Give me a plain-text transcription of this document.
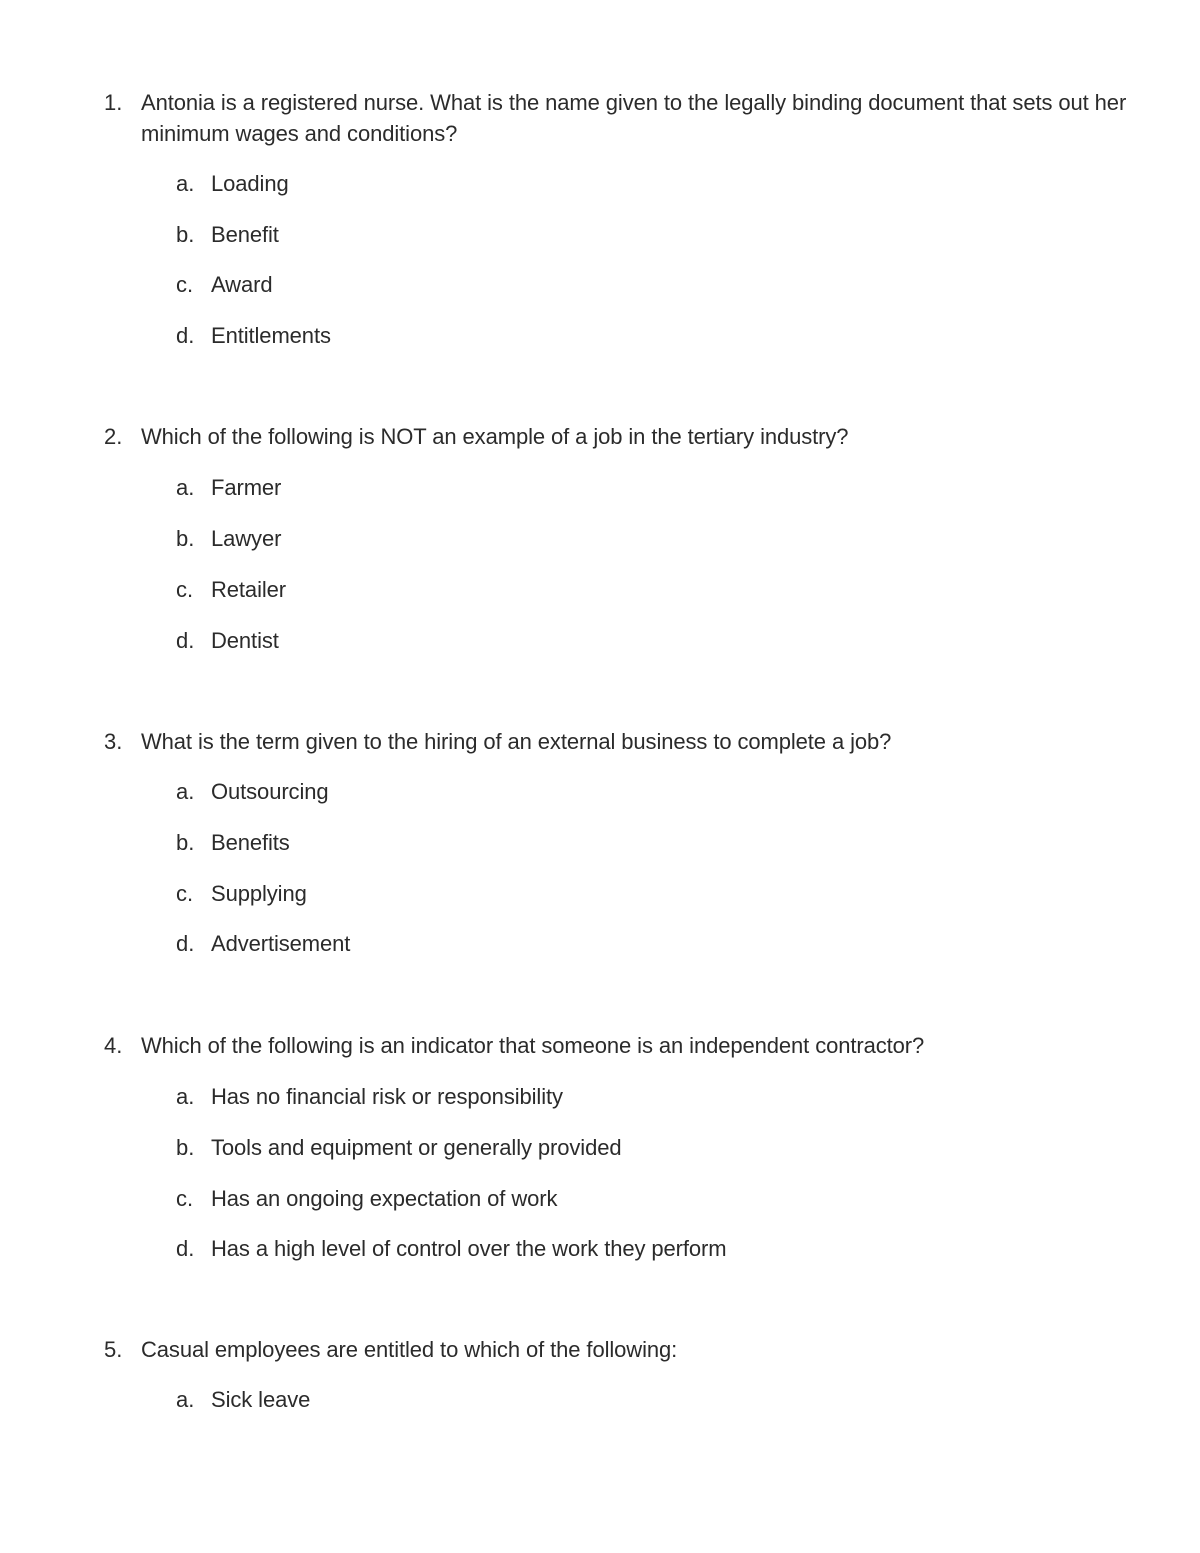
1. Antonia is a registered nurse. What is the name given to the legally binding document that sets out her minimum wages and conditions?
a. Loading
b. Benefit
c. Award
d. Entitlements
2. Which of the following is NOT an example of a job in the tertiary industry?
a. Farmer
b. Lawyer
c. Retailer
d. Dentist
3. What is the term given to the hiring of an external business to complete a job?
a. Outsourcing
b. Benefits
c. Supplying
d. Advertisement
4. Which of the following is an indicator that someone is an independent contractor?
a. Has no financial risk or responsibility
b. Tools and equipment or generally provided
c. Has an ongoing expectation of work
d. Has a high level of control over the work they perform
5. Casual employees are entitled to which of the following:
a. Sick leave
